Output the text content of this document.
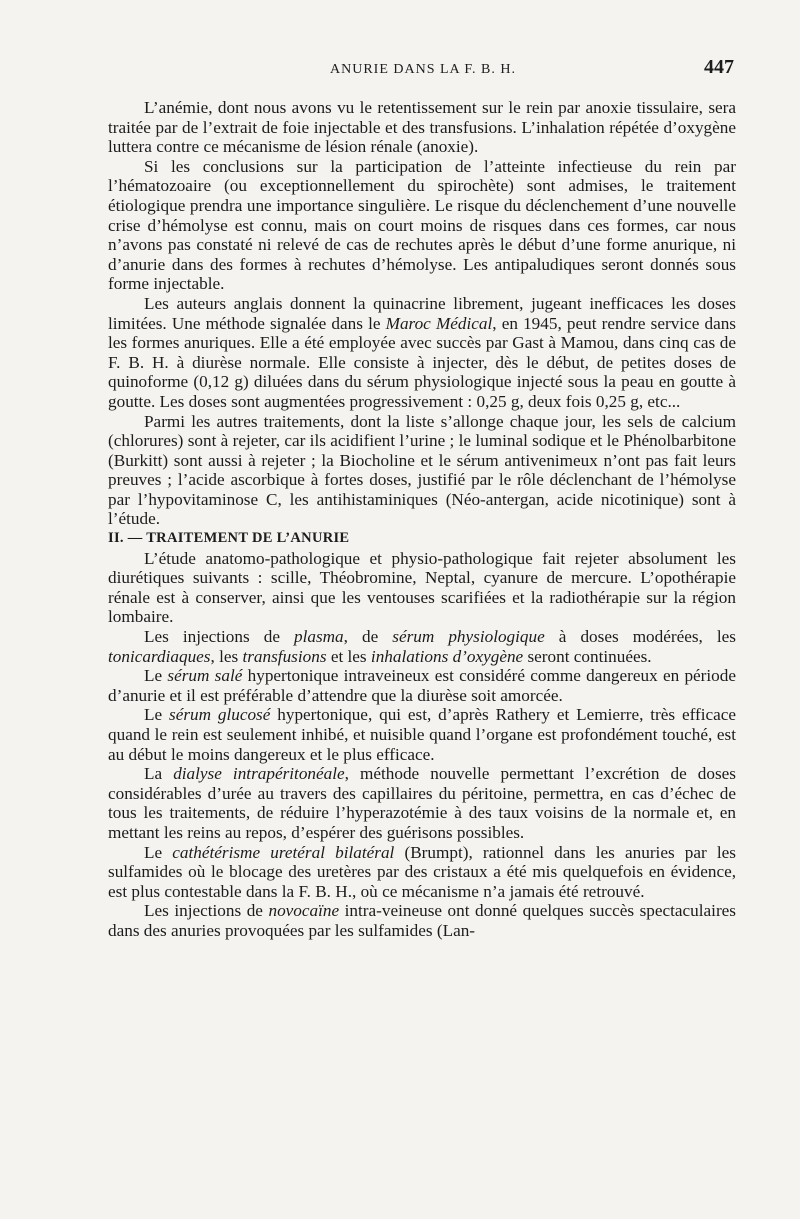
ANURIE DANS LA F. B. H.	447

L’anémie, dont nous avons vu le retentissement sur le rein par anoxie tissulaire, sera traitée par de l’extrait de foie injectable et des transfusions. L’inhalation répétée d’oxygène luttera contre ce mécanisme de lésion rénale (anoxie).

Si les conclusions sur la participation de l’atteinte infectieuse du rein par l’hématozoaire (ou exceptionnellement du spirochète) sont admises, le traitement étiologique prendra une importance singulière. Le risque du déclenchement d’une nouvelle crise d’hémolyse est connu, mais on court moins de risques dans ces formes, car nous n’avons pas constaté ni relevé de cas de rechutes après le début d’une forme anurique, ni d’anurie dans des formes à rechutes d’hémolyse. Les antipaludiques seront donnés sous forme injectable.

Les auteurs anglais donnent la quinacrine librement, jugeant inefficaces les doses limitées. Une méthode signalée dans le Maroc Médical, en 1945, peut rendre service dans les formes anuriques. Elle a été employée avec succès par Gast à Mamou, dans cinq cas de F. B. H. à diurèse normale. Elle consiste à injecter, dès le début, de petites doses de quinoforme (0,12 g) diluées dans du sérum physiologique injecté sous la peau en goutte à goutte. Les doses sont augmentées progressivement : 0,25 g, deux fois 0,25 g, etc...

Parmi les autres traitements, dont la liste s’allonge chaque jour, les sels de calcium (chlorures) sont à rejeter, car ils acidifient l’urine ; le luminal sodique et le Phénolbarbitone (Burkitt) sont aussi à rejeter ; la Biocholine et le sérum antivenimeux n’ont pas fait leurs preuves ; l’acide ascorbique à fortes doses, justifié par le rôle déclenchant de l’hémolyse par l’hypovitaminose C, les antihistaminiques (Néo-antergan, acide nicotinique) sont à l’étude.

II. — TRAITEMENT DE L’ANURIE

L’étude anatomo-pathologique et physio-pathologique fait rejeter absolument les diurétiques suivants : scille, Théobromine, Neptal, cyanure de mercure. L’opothérapie rénale est à conserver, ainsi que les ventouses scarifiées et la radiothérapie sur la région lombaire.

Les injections de plasma, de sérum physiologique à doses modérées, les tonicardiaques, les transfusions et les inhalations d’oxygène seront continuées.

Le sérum salé hypertonique intraveineux est considéré comme dangereux en période d’anurie et il est préférable d’attendre que la diurèse soit amorcée.

Le sérum glucosé hypertonique, qui est, d’après Rathery et Lemierre, très efficace quand le rein est seulement inhibé, et nuisible quand l’organe est profondément touché, est au début le moins dangereux et le plus efficace.

La dialyse intrapéritonéale, méthode nouvelle permettant l’excrétion de doses considérables d’urée au travers des capillaires du péritoine, permettra, en cas d’échec de tous les traitements, de réduire l’hyperazotémie à des taux voisins de la normale et, en mettant les reins au repos, d’espérer des guérisons possibles.

Le cathétérisme uretéral bilatéral (Brumpt), rationnel dans les anuries par les sulfamides où le blocage des uretères par des cristaux a été mis quelquefois en évidence, est plus contestable dans la F. B. H., où ce mécanisme n’a jamais été retrouvé.

Les injections de novocaïne intra-veineuse ont donné quelques succès spectaculaires dans des anuries provoquées par les sulfamides (Lan-
